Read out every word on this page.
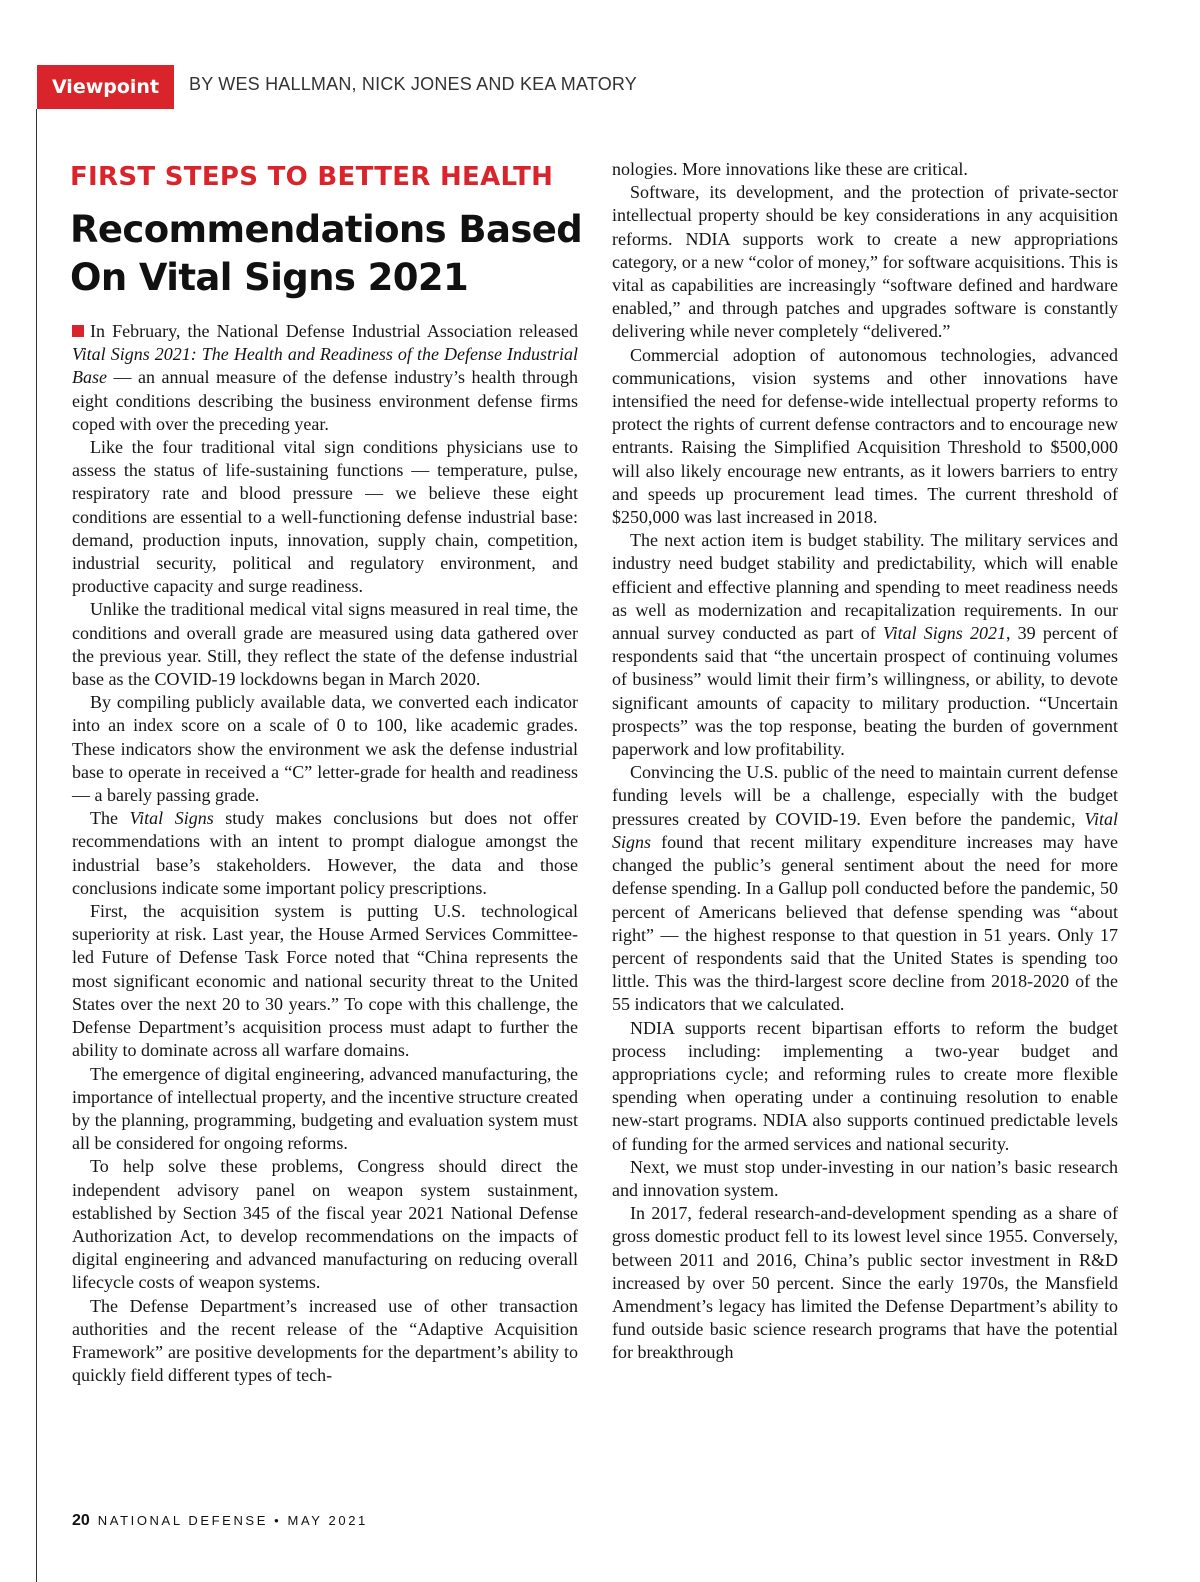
Viewpoint	BY WES HALLMAN, NICK JONES AND KEA MATORY
FIRST STEPS TO BETTER HEALTH
Recommendations Based On Vital Signs 2021

In February, the National Defense Industrial Association released Vital Signs 2021: The Health and Readiness of the Defense Industrial Base — an annual measure of the defense industry’s health through eight conditions describing the business environment defense firms coped with over the preceding year.

Like the four traditional vital sign conditions physicians use to assess the status of life-sustaining functions — temperature, pulse, respiratory rate and blood pressure — we believe these eight conditions are essential to a well-functioning defense industrial base: demand, production inputs, innovation, supply chain, competition, industrial security, political and regulatory environment, and productive capacity and surge readiness.

Unlike the traditional medical vital signs measured in real time, the conditions and overall grade are measured using data gathered over the previous year. Still, they reflect the state of the defense industrial base as the COVID-19 lockdowns began in March 2020.

By compiling publicly available data, we converted each indicator into an index score on a scale of 0 to 100, like academic grades. These indicators show the environment we ask the defense industrial base to operate in received a “C” letter-grade for health and readiness — a barely passing grade.

The Vital Signs study makes conclusions but does not offer recommendations with an intent to prompt dialogue amongst the industrial base’s stakeholders. However, the data and those conclusions indicate some important policy prescriptions.

First, the acquisition system is putting U.S. technological superiority at risk. Last year, the House Armed Services Committee-led Future of Defense Task Force noted that “China represents the most significant economic and national security threat to the United States over the next 20 to 30 years.” To cope with this challenge, the Defense Department’s acquisition process must adapt to further the ability to dominate across all warfare domains.

The emergence of digital engineering, advanced manufacturing, the importance of intellectual property, and the incentive structure created by the planning, programming, budgeting and evaluation system must all be considered for ongoing reforms.

To help solve these problems, Congress should direct the independent advisory panel on weapon system sustainment, established by Section 345 of the fiscal year 2021 National Defense Authorization Act, to develop recommendations on the impacts of digital engineering and advanced manufacturing on reducing overall lifecycle costs of weapon systems.

The Defense Department’s increased use of other transaction authorities and the recent release of the “Adaptive Acquisition Framework” are positive developments for the department’s ability to quickly field different types of tech-

nologies. More innovations like these are critical.

Software, its development, and the protection of private-sector intellectual property should be key considerations in any acquisition reforms. NDIA supports work to create a new appropriations category, or a new “color of money,” for software acquisitions. This is vital as capabilities are increasingly “software defined and hardware enabled,” and through patches and upgrades software is constantly delivering while never completely “delivered.”

Commercial adoption of autonomous technologies, advanced communications, vision systems and other innovations have intensified the need for defense-wide intellectual property reforms to protect the rights of current defense contractors and to encourage new entrants. Raising the Simplified Acquisition Threshold to $500,000 will also likely encourage new entrants, as it lowers barriers to entry and speeds up procurement lead times. The current threshold of $250,000 was last increased in 2018.

The next action item is budget stability. The military services and industry need budget stability and predictability, which will enable efficient and effective planning and spending to meet readiness needs as well as modernization and recapitalization requirements. In our annual survey conducted as part of Vital Signs 2021, 39 percent of respondents said that “the uncertain prospect of continuing volumes of business” would limit their firm’s willingness, or ability, to devote significant amounts of capacity to military production. “Uncertain prospects” was the top response, beating the burden of government paperwork and low profitability.

Convincing the U.S. public of the need to maintain current defense funding levels will be a challenge, especially with the budget pressures created by COVID-19. Even before the pandemic, Vital Signs found that recent military expenditure increases may have changed the public’s general sentiment about the need for more defense spending. In a Gallup poll conducted before the pandemic, 50 percent of Americans believed that defense spending was “about right” — the highest response to that question in 51 years. Only 17 percent of respondents said that the United States is spending too little. This was the third-largest score decline from 2018-2020 of the 55 indicators that we calculated.

NDIA supports recent bipartisan efforts to reform the budget process including: implementing a two-year budget and appropriations cycle; and reforming rules to create more flexible spending when operating under a continuing resolution to enable new-start programs. NDIA also supports continued predictable levels of funding for the armed services and national security.

Next, we must stop under-investing in our nation’s basic research and innovation system.

In 2017, federal research-and-development spending as a share of gross domestic product fell to its lowest level since 1955. Conversely, between 2011 and 2016, China’s public sector investment in R&D increased by over 50 percent. Since the early 1970s, the Mansfield Amendment’s legacy has limited the Defense Department’s ability to fund outside basic science research programs that have the potential for breakthrough

20 NATIONAL DEFENSE • MAY 2021
